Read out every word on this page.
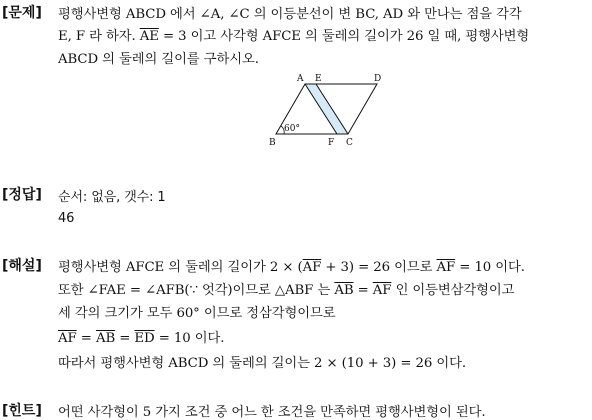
[문제] 평행사변형 ABCD 에서 ∠A, ∠C 의 이등분선이 변 BC, AD 와 만나는 점을 각각
E, F 라 하자. $\overline{AE} = 3$ 이고 사각형 AFCE 의 둘레의 길이가 26 일 때, 평행사변형
ABCD 의 둘레의 길이를 구하시오.
60°
A E	D
B	F C
[정답] 순서: 없음, 갯수: 1
46
[해설] 평행사변형 AFCE 의 둘레의 길이가 $2 \times (\overline{AF} + 3) = 26$ 이므로 $\overline{AF} = 10$ 이다.
또한 ∠FAE = ∠AFB(∵ 엇각)이므로 △ABF 는 $\overline{AB} = \overline{AF}$ 인 이등변삼각형이고
세 각의 크기가 모두 60° 이므로 정삼각형이므로
$\overline{AF} = \overline{AB} = \overline{ED} = 10$ 이다.
따라서 평행사변형 ABCD 의 둘레의 길이는 2 × (10 + 3) = 26 이다.
[힌트] 어떤 사각형이 5 가지 조건 중 어느 한 조건을 만족하면 평행사변형이 된다.
